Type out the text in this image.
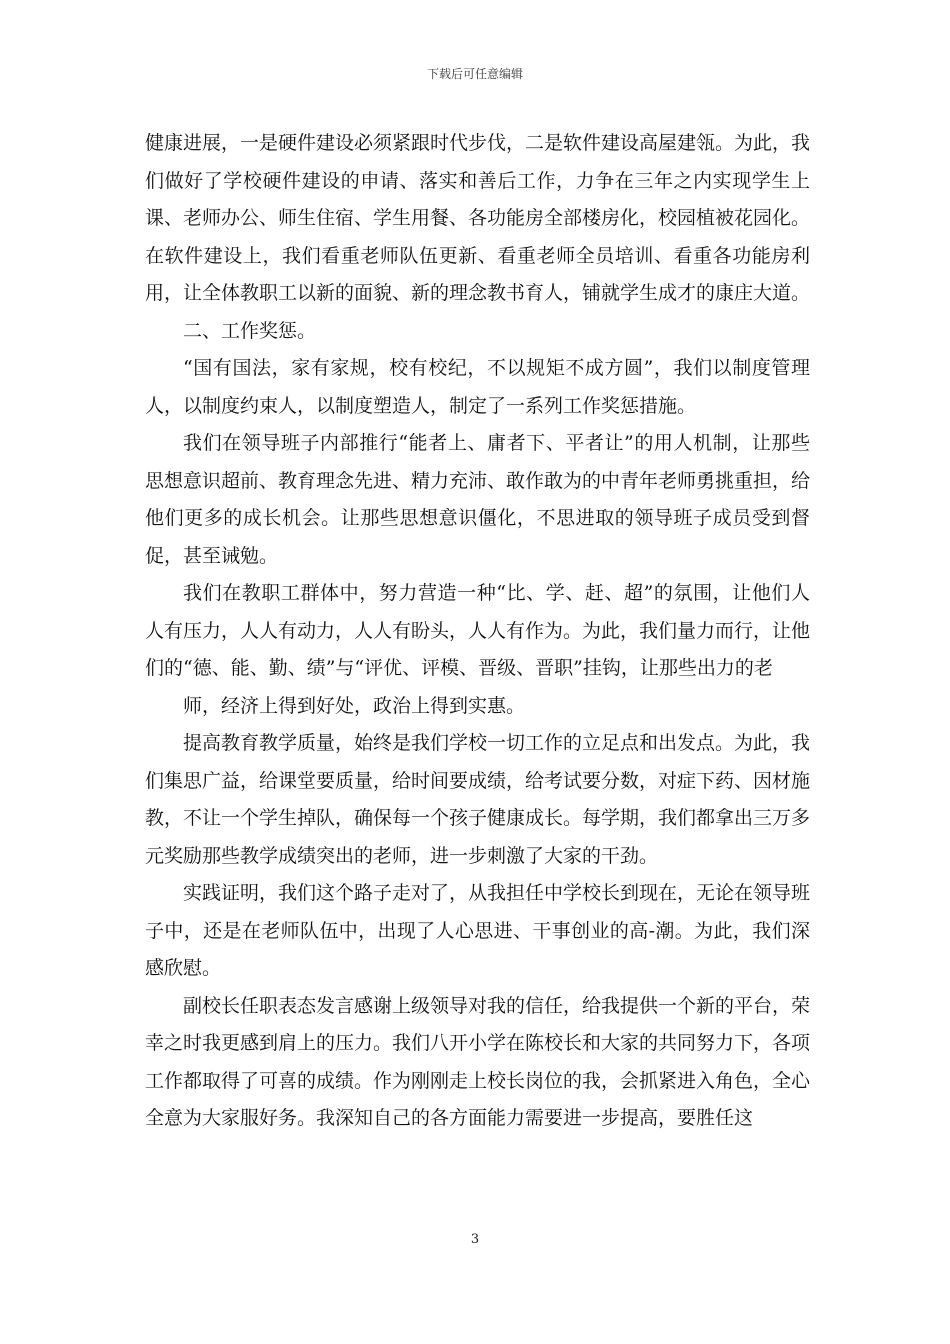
下载后可任意编辑

健康进展，一是硬件建设必须紧跟时代步伐，二是软件建设高屋建瓴。为此，我们做好了学校硬件建设的申请、落实和善后工作，力争在三年之内实现学生上课、老师办公、师生住宿、学生用餐、各功能房全部楼房化，校园植被花园化。在软件建设上，我们看重老师队伍更新、看重老师全员培训、看重各功能房利用，让全体教职工以新的面貌、新的理念教书育人，铺就学生成才的康庄大道。

二、工作奖惩。

“国有国法，家有家规，校有校纪，不以规矩不成方圆”，我们以制度管理人，以制度约束人，以制度塑造人，制定了一系列工作奖惩措施。

我们在领导班子内部推行“能者上、庸者下、平者让”的用人机制，让那些思想意识超前、教育理念先进、精力充沛、敢作敢为的中青年老师勇挑重担，给他们更多的成长机会。让那些思想意识僵化，不思进取的领导班子成员受到督促，甚至诫勉。

我们在教职工群体中，努力营造一种“比、学、赶、超”的氛围，让他们人人有压力，人人有动力，人人有盼头，人人有作为。为此，我们量力而行，让他们的“德、能、勤、绩”与“评优、评模、晋级、晋职”挂钩，让那些出力的老

师，经济上得到好处，政治上得到实惠。

提高教育教学质量，始终是我们学校一切工作的立足点和出发点。为此，我们集思广益，给课堂要质量，给时间要成绩，给考试要分数，对症下药、因材施教，不让一个学生掉队，确保每一个孩子健康成长。每学期，我们都拿出三万多元奖励那些教学成绩突出的老师，进一步刺激了大家的干劲。

实践证明，我们这个路子走对了，从我担任中学校长到现在，无论在领导班子中，还是在老师队伍中，出现了人心思进、干事创业的高-潮。为此，我们深感欣慰。

副校长任职表态发言感谢上级领导对我的信任，给我提供一个新的平台，荣幸之时我更感到肩上的压力。我们八开小学在陈校长和大家的共同努力下，各项工作都取得了可喜的成绩。作为刚刚走上校长岗位的我，会抓紧进入角色，全心全意为大家服好务。我深知自己的各方面能力需要进一步提高，要胜任这

3
